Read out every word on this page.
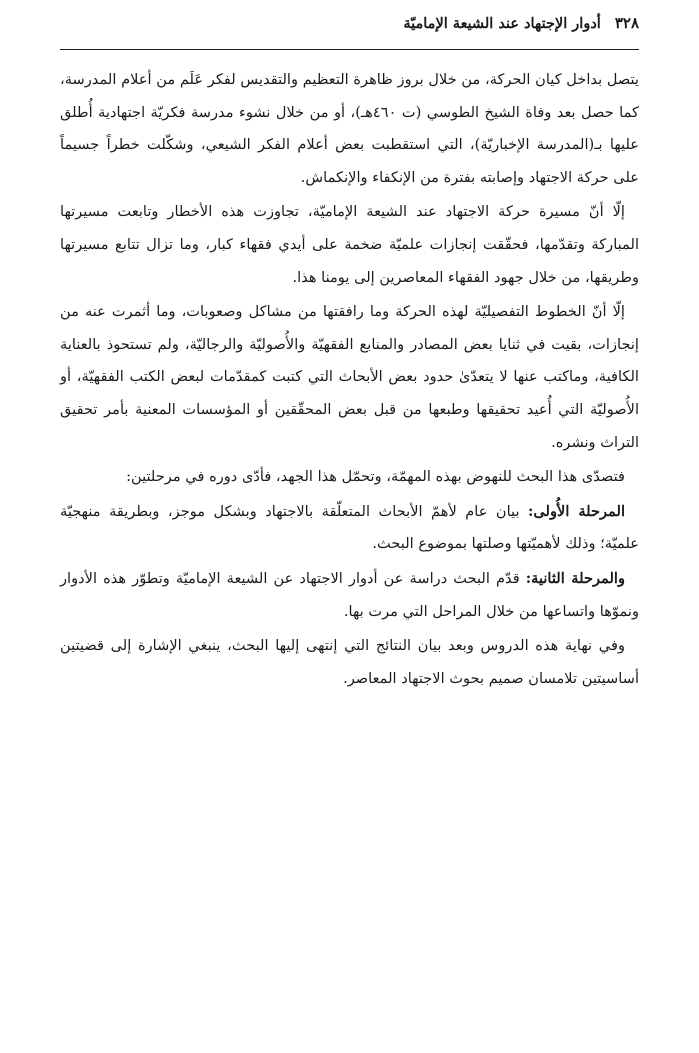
٣٢٨
أدوار الإجتهاد عند الشيعة الإماميّة

يتصل بداخل كيان الحركة، من خلال بروز ظاهرة التعظيم والتقديس لفكر عَلَم من أعلام المدرسة، كما حصل بعد وفاة الشيخ الطوسي (ت ٤٦٠هـ)، أو من خلال نشوء مدرسة فكريّة اجتهادية أُطلق عليها بـ(المدرسة الإخباريّة)، التي استقطبت بعض أعلام الفكر الشيعي، وشكّلت خطراً جسيماً على حركة الاجتهاد وإصابته بفترة من الإنكفاء والإنكماش.

إلّا أنّ مسيرة حركة الاجتهاد عند الشيعة الإماميّة، تجاوزت هذه الأخطار وتابعت مسيرتها المباركة وتقدّمها، فحقّقت إنجازات علميّة ضخمة على أيدي فقهاء كبار، وما تزال تتابع مسيرتها وطريقها، من خلال جهود الفقهاء المعاصرين إلى يومنا هذا.

إلّا أنّ الخطوط التفصيليّة لهذه الحركة وما رافقتها من مشاكل وصعوبات، وما أثمرت عنه من إنجازات، بقيت في ثنايا بعض المصادر والمنابع الفقهيّة والأُصوليّة والرجاليّة، ولم تستحوذ بالعناية الكافية، وماكتب عنها لا يتعدّىٰ حدود بعض الأبحاث التي كتبت كمقدّمات لبعض الكتب الفقهيّة، أو الأُصوليّة التي أُعيد تحقيقها وطبعها من قبل بعض المحقّقين أو المؤسسات المعنية بأمر تحقيق التراث ونشره.

فتصدّى هذا البحث للنهوض بهذه المهمّة، وتحمّل هذا الجهد، فأدّى دوره في مرحلتين:

المرحلة الأُولى: بيان عام لأهمّ الأبحاث المتعلّقة بالاجتهاد وبشكل موجز، وبطريقة منهجيّة علميّة؛ وذلك لأهميّتها وصلتها بموضوع البحث.

والمرحلة الثانية: قدّم البحث دراسة عن أدوار الاجتهاد عن الشيعة الإماميّة وتطوّر هذه الأدوار ونموّها واتساعها من خلال المراحل التي مرت بها.

وفي نهاية هذه الدروس وبعد بيان النتائج التي إنتهى إليها البحث، ينبغي الإشارة إلى قضيتين أساسيتين تلامسان صميم بحوث الاجتهاد المعاصر.
